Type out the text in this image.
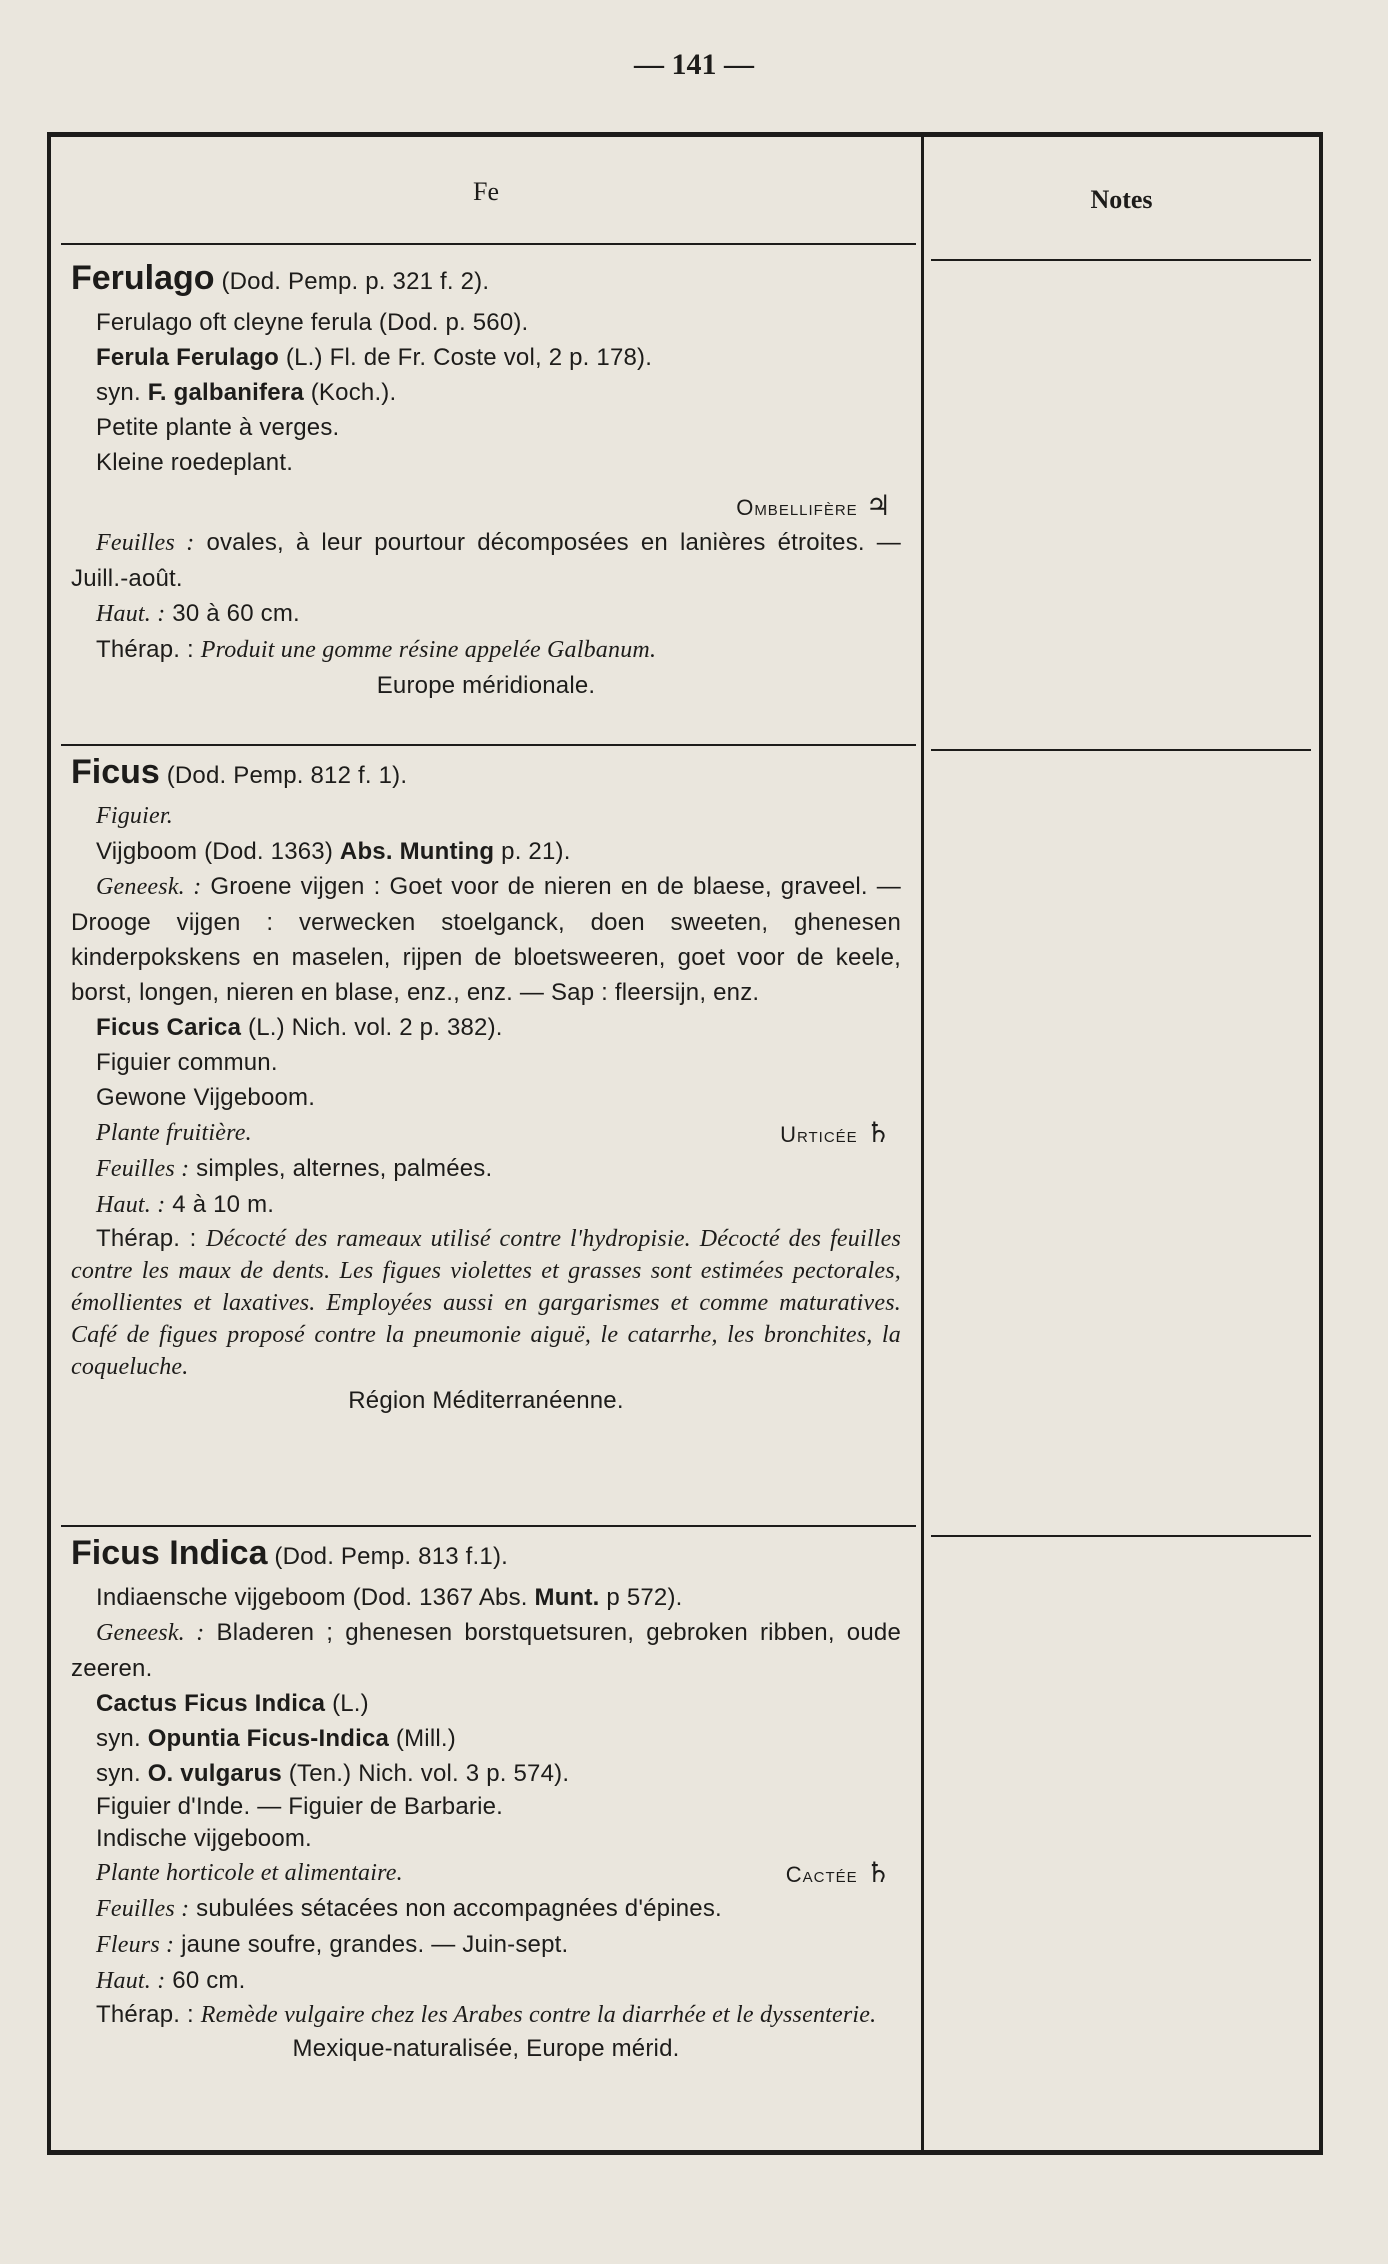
— 141 —
Fe	Notes
Ferulago (Dod. Pemp. p. 321 f. 2).
Ferulago oft cleyne ferula (Dod. p. 560).
Ferula Ferulago (L.) Fl. de Fr. Coste vol, 2 p. 178).
syn. F. galbanifera (Koch.).
Petite plante à verges.
Kleine roedeplant.
Ombellifère ♃
Feuilles : ovales, à leur pourtour décomposées en lanières étroites. — Juill.-août.
Haut. : 30 à 60 cm.
Thérap. : Produit une gomme résine appelée Galbanum.
Europe méridionale.
Ficus (Dod. Pemp. 812 f. 1).
Figuier.
Vijgboom (Dod. 1363) Abs. Munting p. 21).
Geneesk. : Groene vijgen : Goet voor de nieren en de blaese, graveel. — Drooge vijgen : verwecken stoelganck, doen sweeten, ghenesen kinderpokskens en maselen, rijpen de bloetsweeren, goet voor de keele, borst, longen, nieren en blase, enz., enz. — Sap : fleersijn, enz.
Ficus Carica (L.) Nich. vol. 2 p. 382).
Figuier commun.
Gewone Vijgeboom.
Plante fruitière.	Urticée ♄
Feuilles : simples, alternes, palmées.
Haut. : 4 à 10 m.
Thérap. : Décocté des rameaux utilisé contre l'hydropisie. Décocté des feuilles contre les maux de dents. Les figues violettes et grasses sont estimées pectorales, émollientes et laxatives. Employées aussi en gargarismes et comme maturatives. Café de figues proposé contre la pneumonie aiguë, le catarrhe, les bronchites, la coqueluche.
Région Méditerranéenne.
Ficus Indica (Dod. Pemp. 813 f.1).
Indiaensche vijgeboom (Dod. 1367 Abs. Munt. p 572).
Geneesk. : Bladeren ; ghenesen borstquetsuren, gebroken ribben, oude zeeren.
Cactus Ficus Indica (L.)
syn. Opuntia Ficus-Indica (Mill.)
syn. O. vulgarus (Ten.) Nich. vol. 3 p. 574).
Figuier d'Inde. — Figuier de Barbarie.
Indische vijgeboom.
Plante horticole et alimentaire.	Cactée ♄
Feuilles : subulées sétacées non accompagnées d'épines.
Fleurs : jaune soufre, grandes. — Juin-sept.
Haut. : 60 cm.
Thérap. : Remède vulgaire chez les Arabes contre la diarrhée et le dyssenterie.
Mexique-naturalisée, Europe mérid.
